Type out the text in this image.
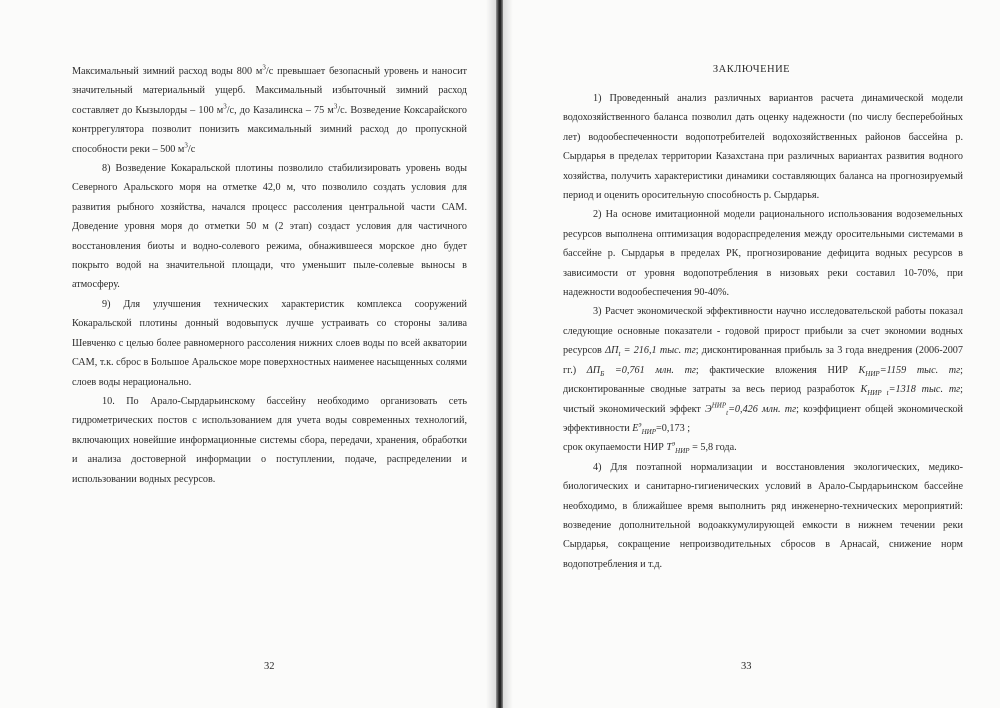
Максимальный зимний расход воды 800 $м^3/с$ превышает безопасный уровень и наносит значительный материальный ущерб. Максимальный избыточный зимний расход составляет до Кызылорды – 100 $м^3/с$, до Казалинска – 75 $м^3/с$. Возведение Коксарайского контррегулятора позволит понизить максимальный зимний расход до пропускной способности реки – 500 $м^3/с$

8) Возведение Кокаральской плотины позволило стабилизировать уровень воды Северного Аральского моря на отметке 42,0 м, что позволило создать условия для развития рыбного хозяйства, начался процесс рассоления центральной части САМ. Доведение уровня моря до отметки 50 м (2 этап) создаст условия для частичного восстановления биоты и водно-солевого режима, обнажившееся морское дно будет покрыто водой на значительной площади, что уменьшит пыле-солевые выносы в атмосферу.

9) Для улучшения технических характеристик комплекса сооружений Кокаральской плотины донный водовыпуск лучше устраивать со стороны залива Шевченко с целью более равномерного рассоления нижних слоев воды по всей акватории САМ, т.к. сброс в Большое Аральское море поверхностных наименее насыщенных солями слоев воды нерационально.

10. По Арало-Сырдарьинскому бассейну необходимо организовать сеть гидрометрических постов с использованием для учета воды современных технологий, включающих новейшие информационные системы сбора, передачи, хранения, обработки и анализа достоверной информации о поступлении, подаче, распределении и использовании водных ресурсов.

32
ЗАКЛЮЧЕНИЕ

1) Проведенный анализ различных вариантов расчета динамической модели водохозяйственного баланса позволил дать оценку надежности (по числу бесперебойных лет) водообеспеченности водопотребителей водохозяйственных районов бассейна р. Сырдарья в пределах территории Казахстана при различных вариантах развития водного хозяйства, получить характеристики динамики составляющих баланса на прогнозируемый период и оценить оросительную способность р. Сырдарья.

2) На основе имитационной модели рационального использования водоземельных ресурсов выполнена оптимизация водораспределения между оросительными системами в бассейне р. Сырдарья в пределах РК, прогнозирование дефицита водных ресурсов в зависимости от уровня водопотребления в низовьях реки составил 10-70%, при надежности водообеспечения 90-40%.

3) Расчет экономической эффективности научно исследовательской работы показал следующие основные показатели - годовой прирост прибыли за счет экономии водных ресурсов $\Delta П_t = 216,1$ тыс. тг; дисконтированная прибыль за 3 года внедрения (2006-2007 гг.) $\Delta П_Б =0,761$ млн. тг; фактические вложения НИР $К_{НИР}=1159$ тыс. тг; дисконтированные сводные затраты за весь период разработок $К_{НИР t}=1318$ тыс. тг; чистый экономический эффект $Э^{НИР}_t=0,426$ млн. тг; коэффициент общей экономической эффективности $Е^э_{НИР}=0,173$ ;

срок окупаемости НИР $Т^э_{НИР} = 5,8$ года.

4) Для поэтапной нормализации и восстановления экологических, медико-биологических и санитарно-гигиенических условий в Арало-Сырдарьинском бассейне необходимо, в ближайшее время выполнить ряд инженерно-технических мероприятий: возведение дополнительной водоаккумулирующей емкости в нижнем течении реки Сырдарья, сокращение непроизводительных сбросов в Арнасай, снижение норм водопотребления и т.д.

33
